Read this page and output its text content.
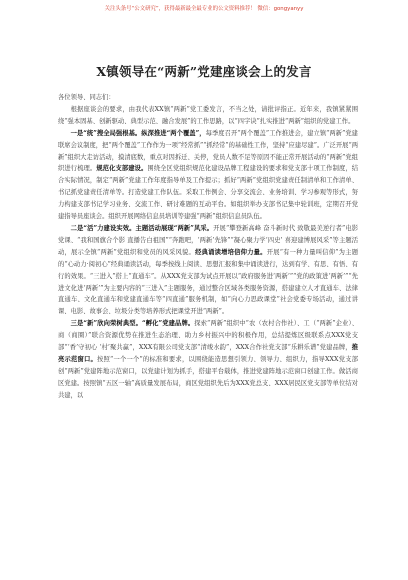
关注头条号“公文研究”，获得最新最全最专业的公文资料推荐！ 微信：gongyanyy
X镇领导在“两新”党建座谈会上的发言

各位领导、同志们：

根据座谈会的要求，由我代表XX镇“两新”党工委发言，不当之处，请批评指正。近年来，我镇紧紧围绕“强本固基、创新驱动、典型示范、融合发展”的工作思路，以“四字诀”扎实推进“两新”组织的党建工作。

一是“统”搜全局强根基。纵深推进“两个覆盖”，每季度召开“两个覆盖”工作推进会，建立镇“两新”党建联席会议制度，把“两个覆盖”工作作为一项“经常抓”“抓经常”的基础性工作，坚持“应建尽建”。广泛开展“两新”组织大走访活动，摸清底数，重点对因拆迁、关停，党员人数不足等原因不能正常开展活动的“两新”党组织进行梳理。规范化支部建设。围绕全区党组织规范化建设品牌工程建设的要求和党支部十项工作制度，结合实际情况，制定“两新”党建工作年度指导单及工作提示；抓好“两新”党组织党建责任制清单和工作清单、书记抓党建责任清单等。打造党建工作队伍。采取工作例会、分享交流会、业务培训、学习参观等形式，努力构建支部书记学习业务、交流工作、研讨难题的互动平台。如组织举办支部书记集中轮训班，定期召开党建指导员座谈会。组织开展网络信息员培训等建强“两新”组织信息员队伍。

二是“活”力建设实效。主题活动展现“两新”风采。开展“攀登新高峰 奋斗新时代 致敬最美逆行者”电影党课、“我和国旗合个影 直播告白祖国”“奔跑吧，‘两新’先锋”“凝心聚力学‘四史’ 喜迎建博展风采”等主题活动，展示全镇“两新”党组织和党员的风采风貌。经典诵读增培信仰力量。开展“有一种力量叫信仰”为主题的“心动力·阅初心”经典诵读活动，每季按线上阅读、思想汇报和集中诵读进行，达到有学、有思、有悟、有行的效果。“三进入”搭上“直通车”。从XXX党支部为试点开展以“政府服务进‘两新’”“党的政策进‘两新’”“先进文化进‘两新’”为主要内容的“三进入”主题服务，通过整合区域各类服务资源，搭建建立人才直通车、法律直通车、文化直通车和党建直通车等“四直通”服务机制，如“向心力思政课堂”社会党委专场活动，通过讲课、电影、故事会、垃圾分类等培养形式把课堂开进“两新”。

三是“新”欣向荣树典型。“孵化”党建品牌。探索“两新”组织中“农（农村合作社）、工（“两新”企业）、商（商圈）”联合资源优势在推进生态治理、助力乡村振兴中的积极作用，总结提炼区级联系点XXX党支部“‘香’守初心 ‘村’聚共赢”，XXX有限公司党支部“清竣水韵”，XXX合作社党支部“乐耕乐谱”党建品牌，推亮示范窗口。按照“一个一个”的标准和要求，以围绕能造思想引领力、领导力、组织力，指导XXX党支部创“两新”党建阵地示范窗口，以党建计划为抓手，搭建平台载体，推进党建阵地示范窗口创建工作。做活商区党建。按照镇“五区一轴”高质量发展布局，商区党组织先后为XXX党总支、XXX居民区党支部等单位结对共建，以
